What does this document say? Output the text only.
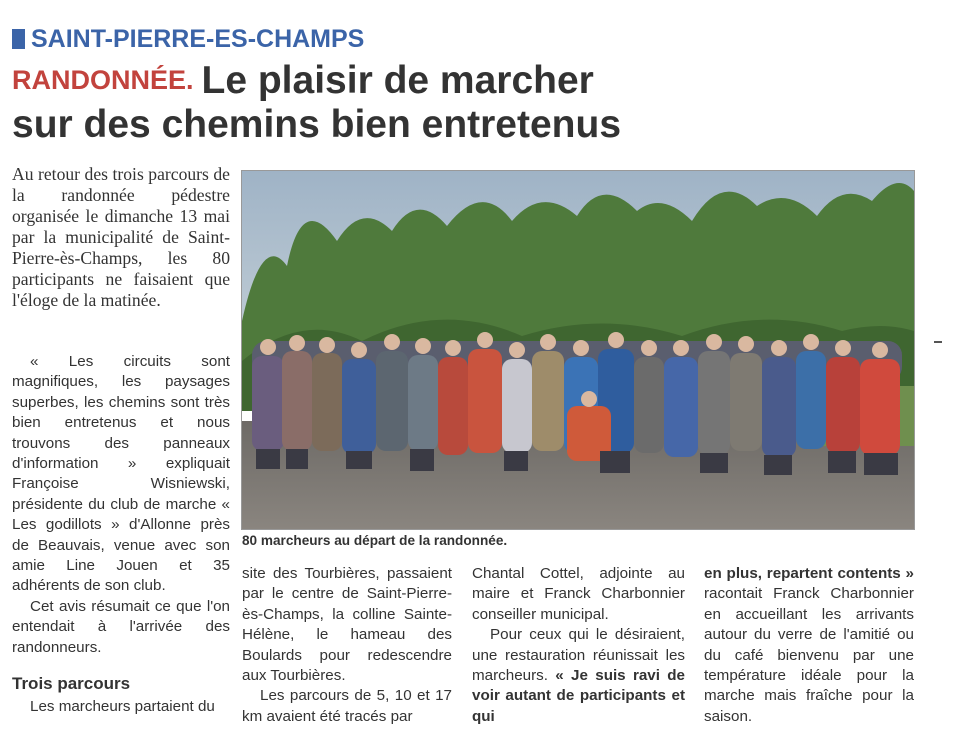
SAINT-PIERRE-ES-CHAMPS
RANDONNÉE. Le plaisir de marcher
sur des chemins bien entretenus

Au retour des trois parcours de la randonnée pédestre organisée le dimanche 13 mai par la municipalité de Saint-Pierre-ès-Champs, les 80 participants ne faisaient que l'éloge de la matinée.

« Les circuits sont magnifiques, les paysages superbes, les chemins sont très bien entretenus et nous trouvons des panneaux d'information » expliquait Françoise Wisniewski, présidente du club de marche « Les godillots » d'Allonne près de Beauvais, venue avec son amie Line Jouen et 35 adhérents de son club.

Cet avis résumait ce que l'on entendait à l'arrivée des randonneurs.

Trois parcours

Les marcheurs partaient du

80 marcheurs au départ de la randonnée.

site des Tourbières, passaient par le centre de Saint-Pierre-ès-Champs, la colline Sainte-Hélène, le hameau des Boulards pour redescendre aux Tourbières.

Les parcours de 5, 10 et 17 km avaient été tracés par

Chantal Cottel, adjointe au maire et Franck Charbonnier conseiller municipal.

Pour ceux qui le désiraient, une restauration réunissait les marcheurs. « Je suis ravi de voir autant de participants et qui

en plus, repartent contents » racontait Franck Charbonnier en accueillant les arrivants autour du verre de l'amitié ou du café bienvenu par une température idéale pour la marche mais fraîche pour la saison.
